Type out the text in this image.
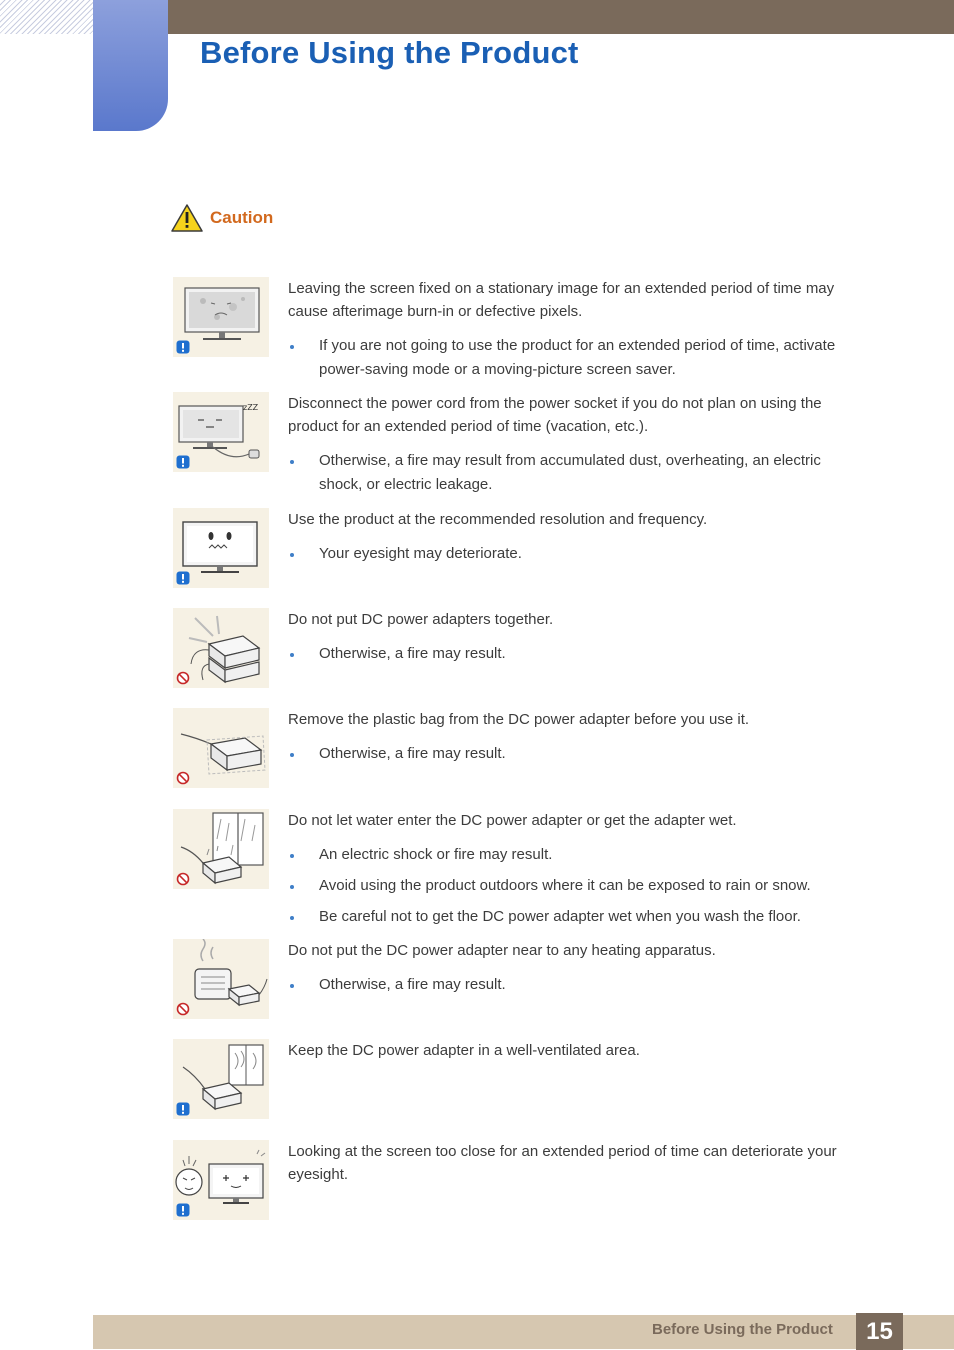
Before Using the Product
Caution

Leaving the screen fixed on a stationary image for an extended period of time may cause afterimage burn-in or defective pixels.

If you are not going to use the product for an extended period of time, activate power-saving mode or a moving-picture screen saver.
zZZ Disconnect the power cord from the power socket if you do not plan on using the product for an extended period of time (vacation, etc.).

Otherwise, a fire may result from accumulated dust, overheating, an electric shock, or electric leakage.

Use the product at the recommended resolution and frequency.

Your eyesight may deteriorate.

Do not put DC power adapters together.

Otherwise, a fire may result.

Remove the plastic bag from the DC power adapter before you use it.

Otherwise, a fire may result.

Do not let water enter the DC power adapter or get the adapter wet.

An electric shock or fire may result.
Avoid using the product outdoors where it can be exposed to rain or snow.
Be careful not to get the DC power adapter wet when you wash the floor.

Do not put the DC power adapter near to any heating apparatus.

Otherwise, a fire may result.

Keep the DC power adapter in a well-ventilated area.

Looking at the screen too close for an extended period of time can deteriorate your eyesight.

Before Using the Product	15
